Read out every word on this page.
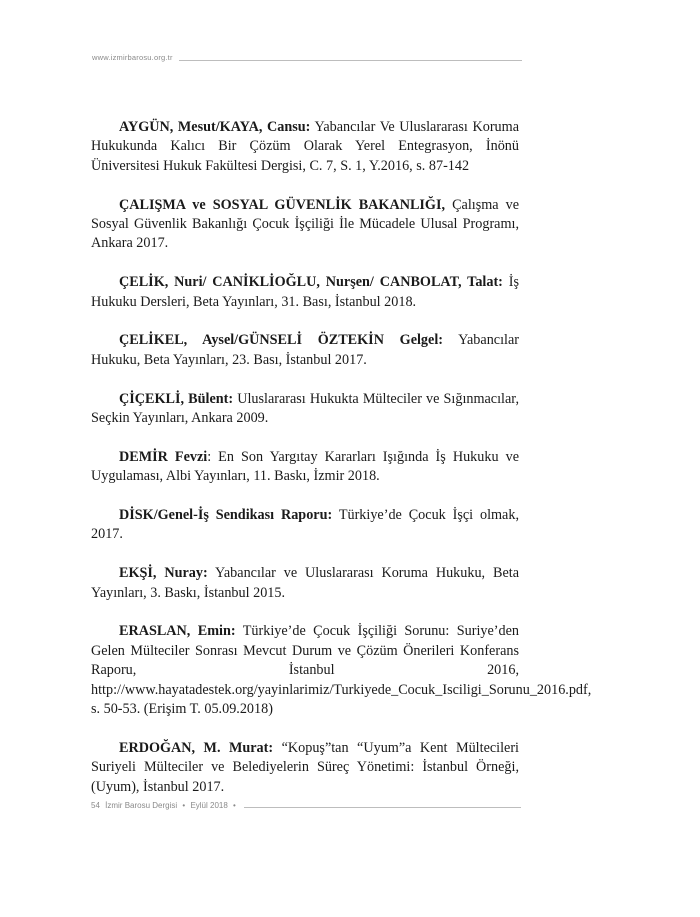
www.izmirbarosu.org.tr

AYGÜN, Mesut/KAYA, Cansu: Yabancılar Ve Uluslararası Koruma Hukukunda Kalıcı Bir Çözüm Olarak Yerel Entegrasyon, İnönü Üniversitesi Hukuk Fakültesi Dergisi, C. 7, S. 1, Y.2016, s. 87-142

ÇALIŞMA ve SOSYAL GÜVENLİK BAKANLIĞI, Çalışma ve Sosyal Güvenlik Bakanlığı Çocuk İşçiliği İle Mücadele Ulusal Programı, Ankara 2017.

ÇELİK, Nuri/ CANİKLİOĞLU, Nurşen/ CANBOLAT, Talat: İş Hukuku Dersleri, Beta Yayınları, 31. Bası, İstanbul 2018.

ÇELİKEL, Aysel/GÜNSELİ ÖZTEKİN Gelgel: Yabancılar Hukuku, Beta Yayınları, 23. Bası, İstanbul 2017.

ÇİÇEKLİ, Bülent: Uluslararası Hukukta Mülteciler ve Sığınmacılar, Seçkin Yayınları, Ankara 2009.

DEMİR Fevzi: En Son Yargıtay Kararları Işığında İş Hukuku ve Uygulaması, Albi Yayınları, 11. Baskı, İzmir 2018.

DİSK/Genel-İş Sendikası Raporu: Türkiye’de Çocuk İşçi olmak, 2017.

EKŞİ, Nuray: Yabancılar ve Uluslararası Koruma Hukuku, Beta Yayınları, 3. Baskı, İstanbul 2015.

ERASLAN, Emin: Türkiye’de Çocuk İşçiliği Sorunu: Suriye’den Gelen Mülteciler Sonrası Mevcut Durum ve Çözüm Önerileri Konferans Raporu, İstanbul 2016, http://www.hayatadestek.org/yayinlarimiz/Turkiyede_Cocuk_Isciligi_Sorunu_2016.pdf, s. 50-53. (Erişim T. 05.09.2018)

ERDOĞAN, M. Murat: “Kopuş”tan “Uyum”a Kent Mültecileri Suriyeli Mülteciler ve Belediyelerin Süreç Yönetimi: İstanbul Örneği, (Uyum), İstanbul 2017.

54 İzmir Barosu Dergisi • Eylül 2018 •
